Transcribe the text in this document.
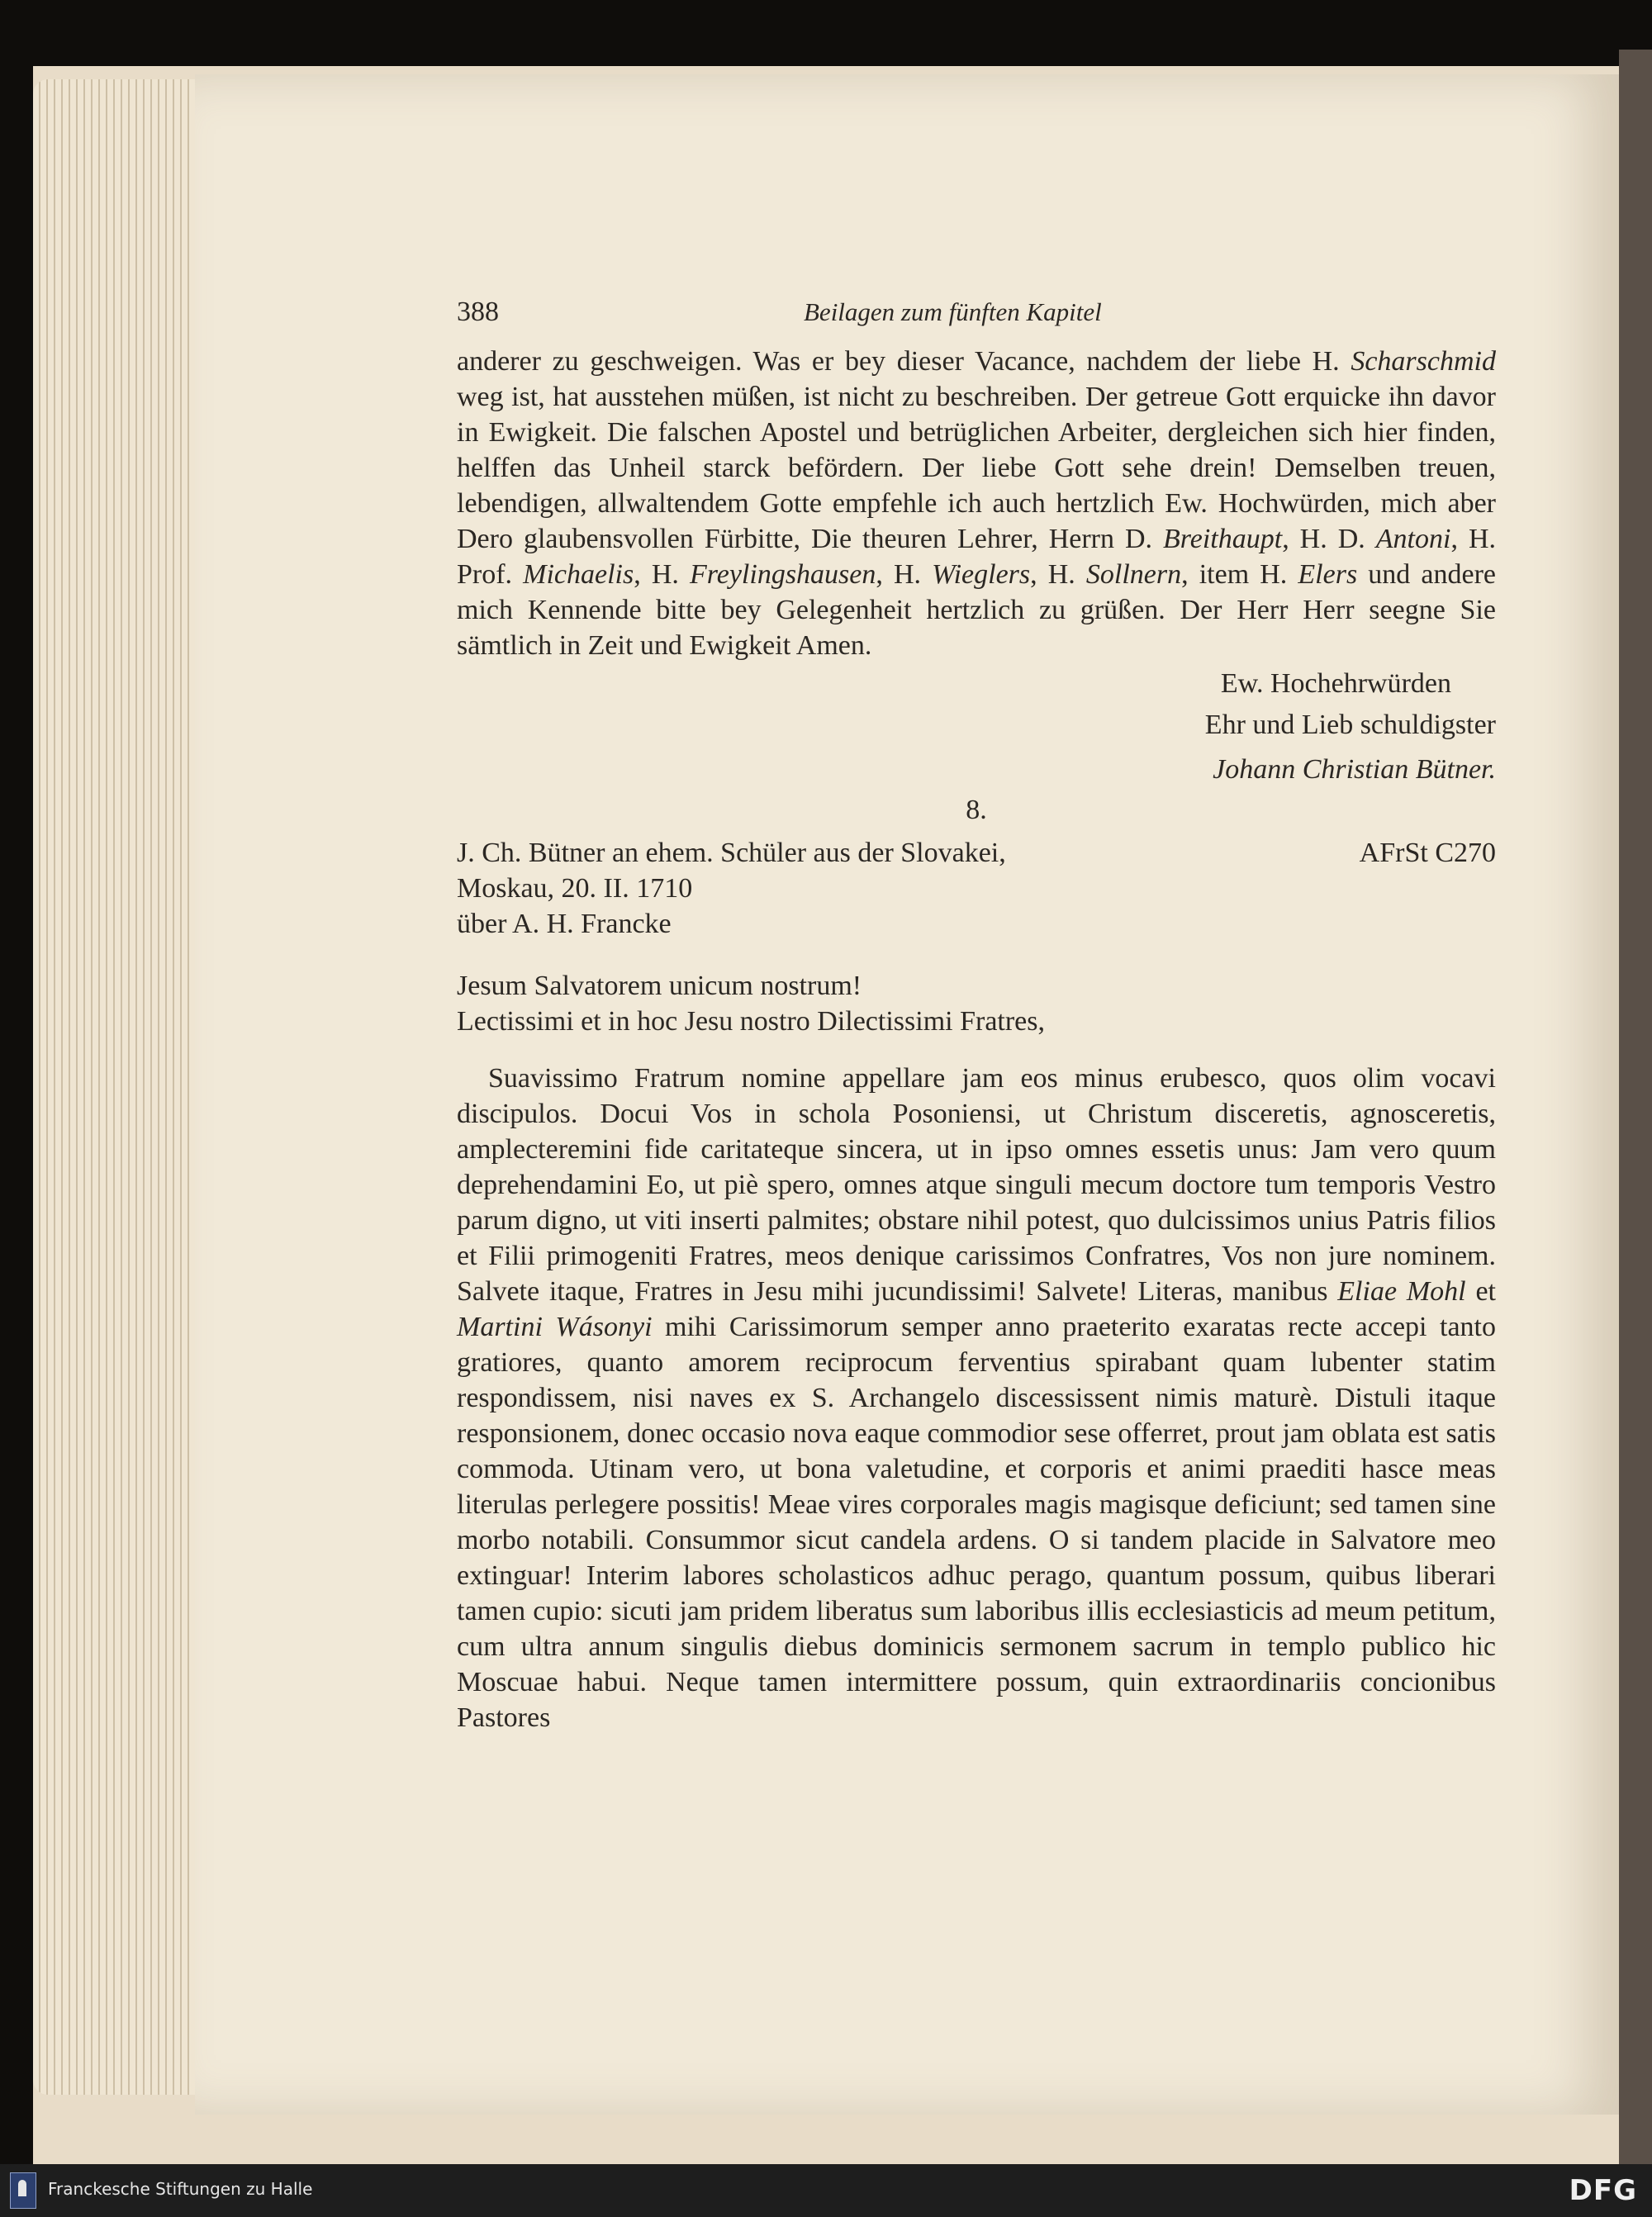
388	Beilagen zum fünften Kapitel

anderer zu geschweigen. Was er bey dieser Vacance, nachdem der liebe H. Scharschmid weg ist, hat ausstehen müßen, ist nicht zu beschreiben. Der getreue Gott erquicke ihn davor in Ewigkeit. Die falschen Apostel und betrüglichen Arbeiter, dergleichen sich hier finden, helffen das Unheil starck befördern. Der liebe Gott sehe drein! Demselben treuen, lebendigen, allwaltendem Gotte empfehle ich auch hertzlich Ew. Hochwürden, mich aber Dero glaubensvollen Fürbitte, Die theuren Lehrer, Herrn D. Breithaupt, H. D. Antoni, H. Prof. Michaelis, H. Freylingshausen, H. Wieglers, H. Sollnern, item H. Elers und andere mich Kennende bitte bey Gelegenheit hertzlich zu grüßen. Der Herr Herr seegne Sie sämtlich in Zeit und Ewigkeit Amen.

Ew. Hochehrwürden
Ehr und Lieb schuldigster
Johann Christian Bütner.
8.
J. Ch. Bütner an ehem. Schüler aus der Slovakei,	AFrSt C270
Moskau, 20. II. 1710
über A. H. Francke
Jesum Salvatorem unicum nostrum!
Lectissimi et in hoc Jesu nostro Dilectissimi Fratres,

Suavissimo Fratrum nomine appellare jam eos minus erubesco, quos olim vocavi discipulos. Docui Vos in schola Posoniensi, ut Christum disceretis, agnosceretis, amplecteremini fide caritateque sincera, ut in ipso omnes essetis unus: Jam vero quum deprehendamini Eo, ut piè spero, omnes atque singuli mecum doctore tum temporis Vestro parum digno, ut viti inserti palmites; obstare nihil potest, quo dulcissimos unius Patris filios et Filii primogeniti Fratres, meos denique carissimos Confratres, Vos non jure nominem. Salvete itaque, Fratres in Jesu mihi jucundissimi! Salvete! Literas, manibus Eliae Mohl et Martini Wásonyi mihi Carissimorum semper anno praeterito exaratas recte accepi tanto gratiores, quanto amorem reciprocum ferventius spirabant quam lubenter statim respondissem, nisi naves ex S. Archangelo discessissent nimis maturè. Distuli itaque responsionem, donec occasio nova eaque commodior sese offerret, prout jam oblata est satis commoda. Utinam vero, ut bona valetudine, et corporis et animi praediti hasce meas literulas perlegere possitis! Meae vires corporales magis magisque deficiunt; sed tamen sine morbo notabili. Consummor sicut candela ardens. O si tandem placide in Salvatore meo extinguar! Interim labores scholasticos adhuc perago, quantum possum, quibus liberari tamen cupio: sicuti jam pridem liberatus sum laboribus illis ecclesiasticis ad meum petitum, cum ultra annum singulis diebus dominicis sermonem sacrum in templo publico hic Moscuae habui. Neque tamen intermittere possum, quin extraordinariis concionibus Pastores

Franckesche Stiftungen zu Halle	DFG
